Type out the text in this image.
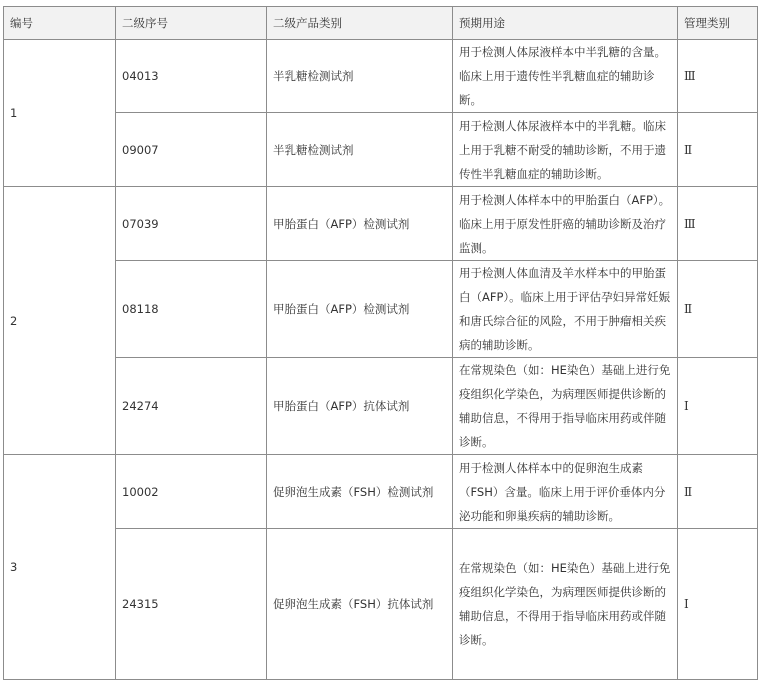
编号	二级序号	二级产品类别	预期用途	管理类别
1	04013	半乳糖检测试剂	用于检测人体尿液样本中半乳糖的含量。临床上用于遗传性半乳糖血症的辅助诊断。	Ⅲ
	09007	半乳糖检测试剂	用于检测人体尿液样本中的半乳糖。临床上用于乳糖不耐受的辅助诊断，不用于遗传性半乳糖血症的辅助诊断。	Ⅱ
2	07039	甲胎蛋白（AFP）检测试剂	用于检测人体样本中的甲胎蛋白（AFP）。临床上用于原发性肝癌的辅助诊断及治疗监测。	Ⅲ
	08118	甲胎蛋白（AFP）检测试剂	用于检测人体血清及羊水样本中的甲胎蛋白（AFP）。临床上用于评估孕妇异常妊娠和唐氏综合征的风险，不用于肿瘤相关疾病的辅助诊断。	Ⅱ
	24274	甲胎蛋白（AFP）抗体试剂	在常规染色（如：HE染色）基础上进行免疫组织化学染色，为病理医师提供诊断的辅助信息，不得用于指导临床用药或伴随诊断。	Ⅰ
3	10002	促卵泡生成素（FSH）检测试剂	用于检测人体样本中的促卵泡生成素（FSH）含量。临床上用于评价垂体内分泌功能和卵巢疾病的辅助诊断。	Ⅱ
	24315	促卵泡生成素（FSH）抗体试剂	在常规染色（如：HE染色）基础上进行免疫组织化学染色，为病理医师提供诊断的辅助信息，不得用于指导临床用药或伴随诊断。	Ⅰ
